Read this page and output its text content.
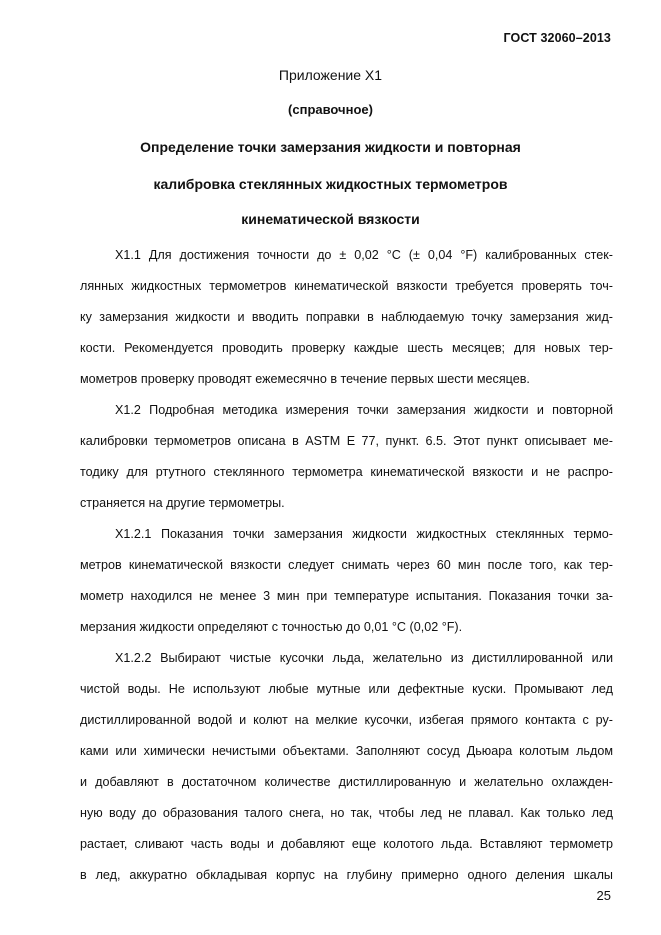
ГОСТ 32060–2013
Приложение Х1
(справочное)
Определение точки замерзания жидкости и повторная
калибровка стеклянных жидкостных термометров
кинематической вязкости
Х1.1 Для достижения точности до ± 0,02 °С (± 0,04 °F) калиброванных стек-
лянных жидкостных термометров кинематической вязкости требуется проверять точ-
ку замерзания жидкости и вводить поправки в наблюдаемую точку замерзания жид-
кости. Рекомендуется проводить проверку каждые шесть месяцев; для новых тер-
мометров проверку проводят ежемесячно в течение первых шести месяцев.
Х1.2 Подробная методика измерения точки замерзания жидкости и повторной
калибровки термометров описана в ASTM E 77, пункт. 6.5. Этот пункт описывает ме-
тодику для ртутного стеклянного термометра кинематической вязкости и не распро-
страняется на другие термометры.
Х1.2.1 Показания точки замерзания жидкости жидкостных стеклянных термо-
метров кинематической вязкости следует снимать через 60 мин после того, как тер-
мометр находился не менее 3 мин при температуре испытания. Показания точки за-
мерзания жидкости определяют с точностью до 0,01 °С (0,02 °F).
Х1.2.2 Выбирают чистые кусочки льда, желательно из дистиллированной или
чистой воды. Не используют любые мутные или дефектные куски. Промывают лед
дистиллированной водой и колют на мелкие кусочки, избегая прямого контакта с ру-
ками или химически нечистыми объектами. Заполняют сосуд Дьюара колотым льдом
и добавляют в достаточном количестве дистиллированную и желательно охлажден-
ную воду до образования талого снега, но так, чтобы лед не плавал. Как только лед
растает, сливают часть воды и добавляют еще колотого льда. Вставляют термометр
в лед, аккуратно обкладывая корпус на глубину примерно одного деления шкалы
25
